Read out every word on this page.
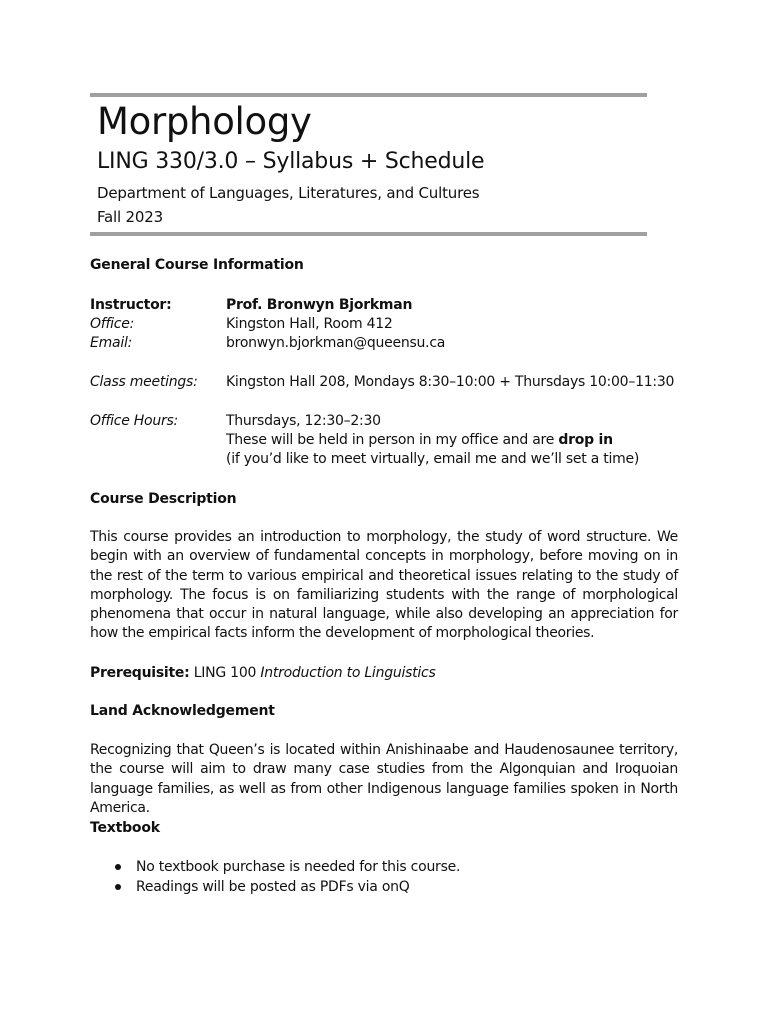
Morphology
LING 330/3.0 – Syllabus + Schedule
Department of Languages, Literatures, and Cultures
Fall 2023
General Course Information
Instructor:	Prof. Bronwyn Bjorkman
Office:	Kingston Hall, Room 412
Email:	bronwyn.bjorkman@queensu.ca
Class meetings: Kingston Hall 208, Mondays 8:30–10:00 + Thursdays 10:00–11:30
Office Hours:	Thursdays, 12:30–2:30
These will be held in person in my office and are drop in
(if you’d like to meet virtually, email me and we’ll set a time)
Course Description
This course provides an introduction to morphology, the study of word structure. We begin with an overview of fundamental concepts in morphology, before moving on in the rest of the term to various empirical and theoretical issues relating to the study of morphology. The focus is on familiarizing students with the range of morphological phenomena that occur in natural language, while also developing an appreciation for how the empirical facts inform the development of morphological theories.
Prerequisite: LING 100 Introduction to Linguistics
Land Acknowledgement
Recognizing that Queen’s is located within Anishinaabe and Haudenosaunee territory, the course will aim to draw many case studies from the Algonquian and Iroquoian language families, as well as from other Indigenous language families spoken in North America.
Textbook
No textbook purchase is needed for this course.
Readings will be posted as PDFs via onQ
